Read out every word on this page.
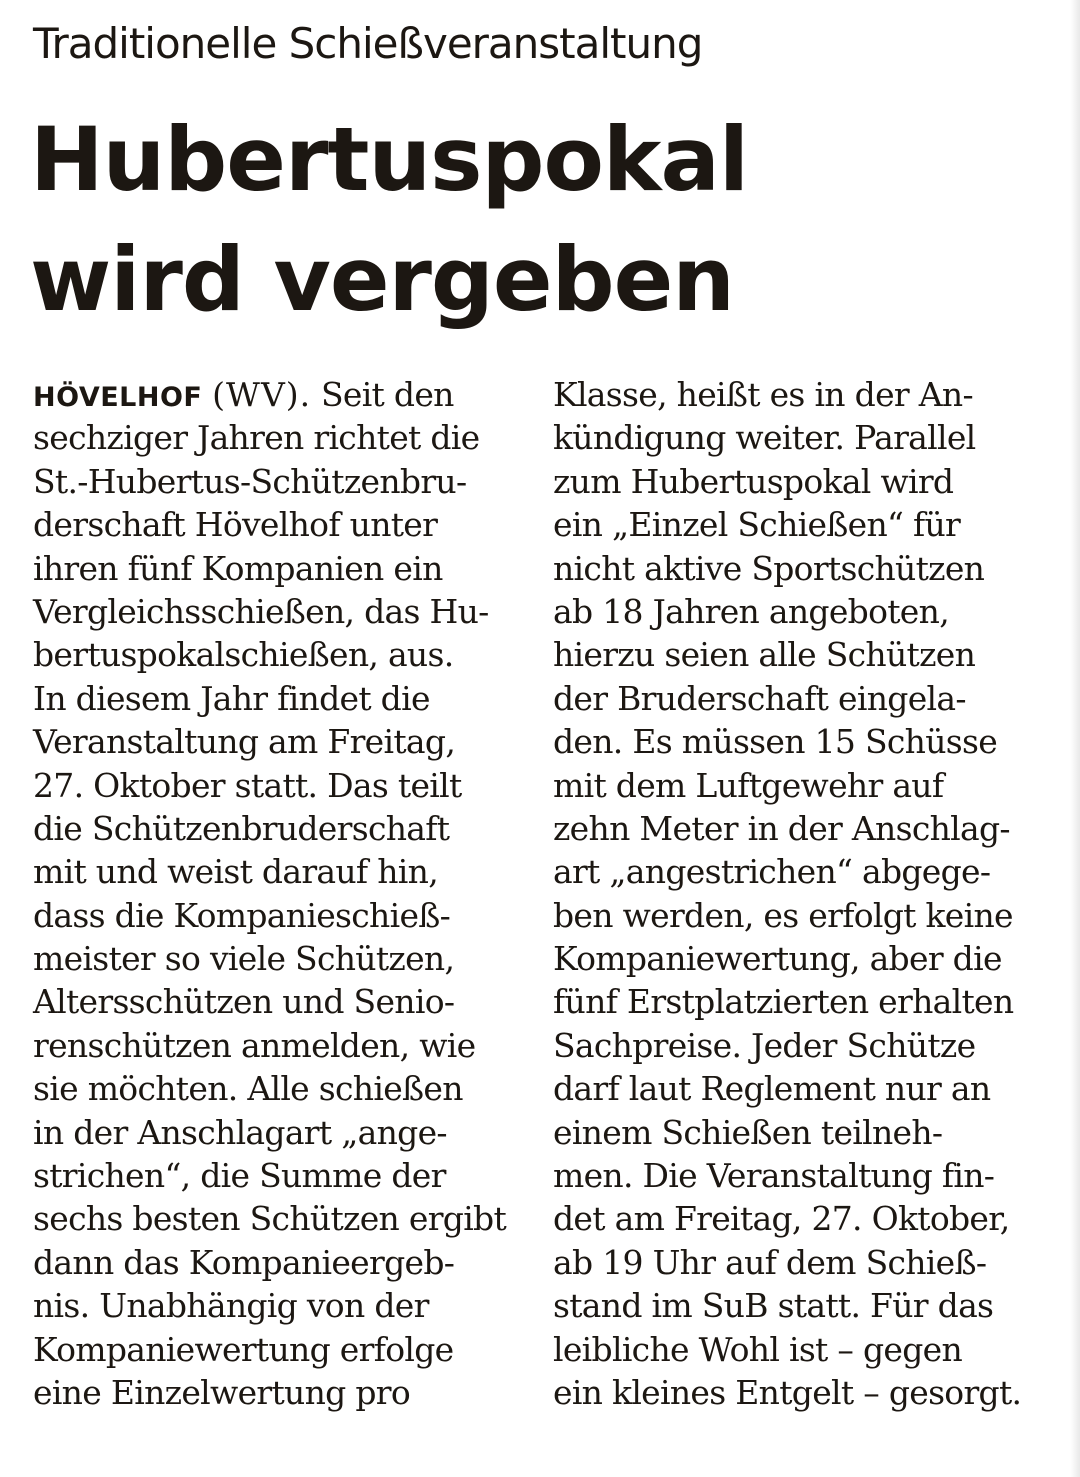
Traditionelle Schießveranstaltung
Hubertuspokal
wird vergeben
HÖVELHOF (WV). Seit den
sechziger Jahren richtet die
St.-Hubertus-Schützenbru-
derschaft Hövelhof unter
ihren fünf Kompanien ein
Vergleichsschießen, das Hu-
bertuspokalschießen, aus.
In diesem Jahr findet die
Veranstaltung am Freitag,
27. Oktober statt. Das teilt
die Schützenbruderschaft
mit und weist darauf hin,
dass die Kompanieschieß-
meister so viele Schützen,
Altersschützen und Senio-
renschützen anmelden, wie
sie möchten. Alle schießen
in der Anschlagart „ange-
strichen“, die Summe der
sechs besten Schützen ergibt
dann das Kompanieergeb-
nis. Unabhängig von der
Kompaniewertung erfolge
eine Einzelwertung pro
Klasse, heißt es in der An-
kündigung weiter. Parallel
zum Hubertuspokal wird
ein „Einzel Schießen“ für
nicht aktive Sportschützen
ab 18 Jahren angeboten,
hierzu seien alle Schützen
der Bruderschaft eingela-
den. Es müssen 15 Schüsse
mit dem Luftgewehr auf
zehn Meter in der Anschlag-
art „angestrichen“ abgege-
ben werden, es erfolgt keine
Kompaniewertung, aber die
fünf Erstplatzierten erhalten
Sachpreise. Jeder Schütze
darf laut Reglement nur an
einem Schießen teilneh-
men. Die Veranstaltung fin-
det am Freitag, 27. Oktober,
ab 19 Uhr auf dem Schieß-
stand im SuB statt. Für das
leibliche Wohl ist – gegen
ein kleines Entgelt – gesorgt.
